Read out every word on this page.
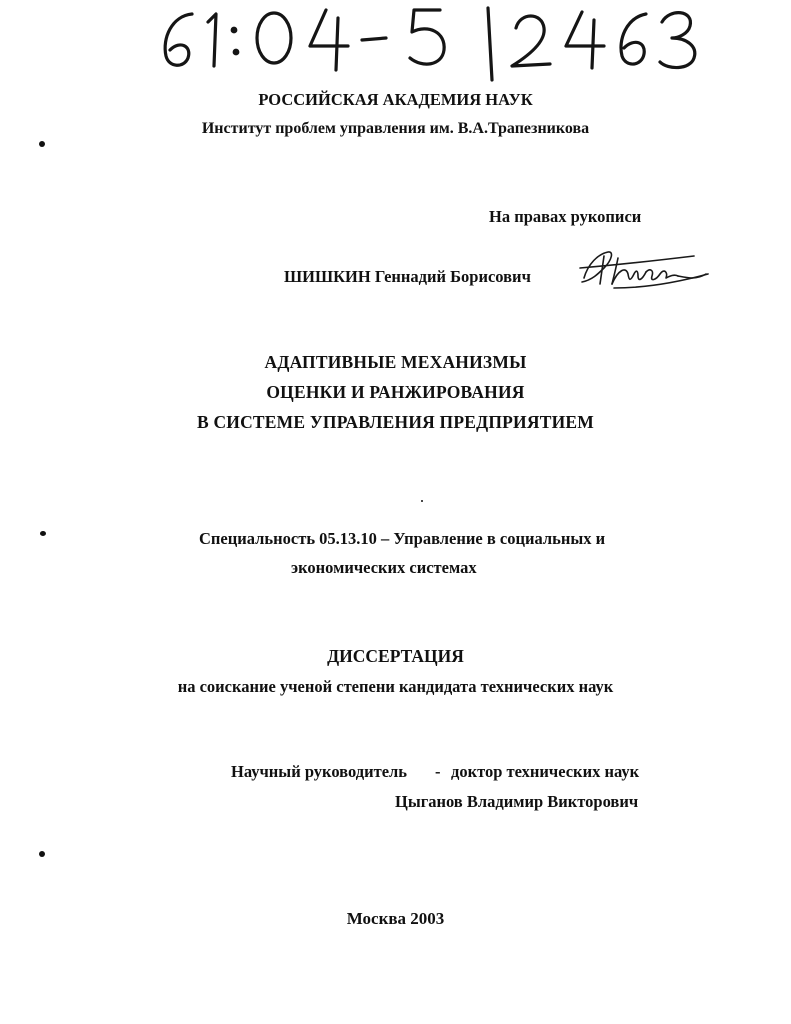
РОССИЙСКАЯ АКАДЕМИЯ НАУК
Институт проблем управления им. В.А.Трапезникова
На правах рукописи
ШИШКИН Геннадий Борисович
АДАПТИВНЫЕ МЕХАНИЗМЫ
ОЦЕНКИ И РАНЖИРОВАНИЯ
В СИСТЕМЕ УПРАВЛЕНИЯ ПРЕДПРИЯТИЕМ
Специальность 05.13.10 – Управление в социальных и
экономических системах
ДИССЕРТАЦИЯ
на соискание ученой степени кандидата технических наук
Научный руководитель - доктор технических наук
Цыганов Владимир Викторович
Москва 2003
